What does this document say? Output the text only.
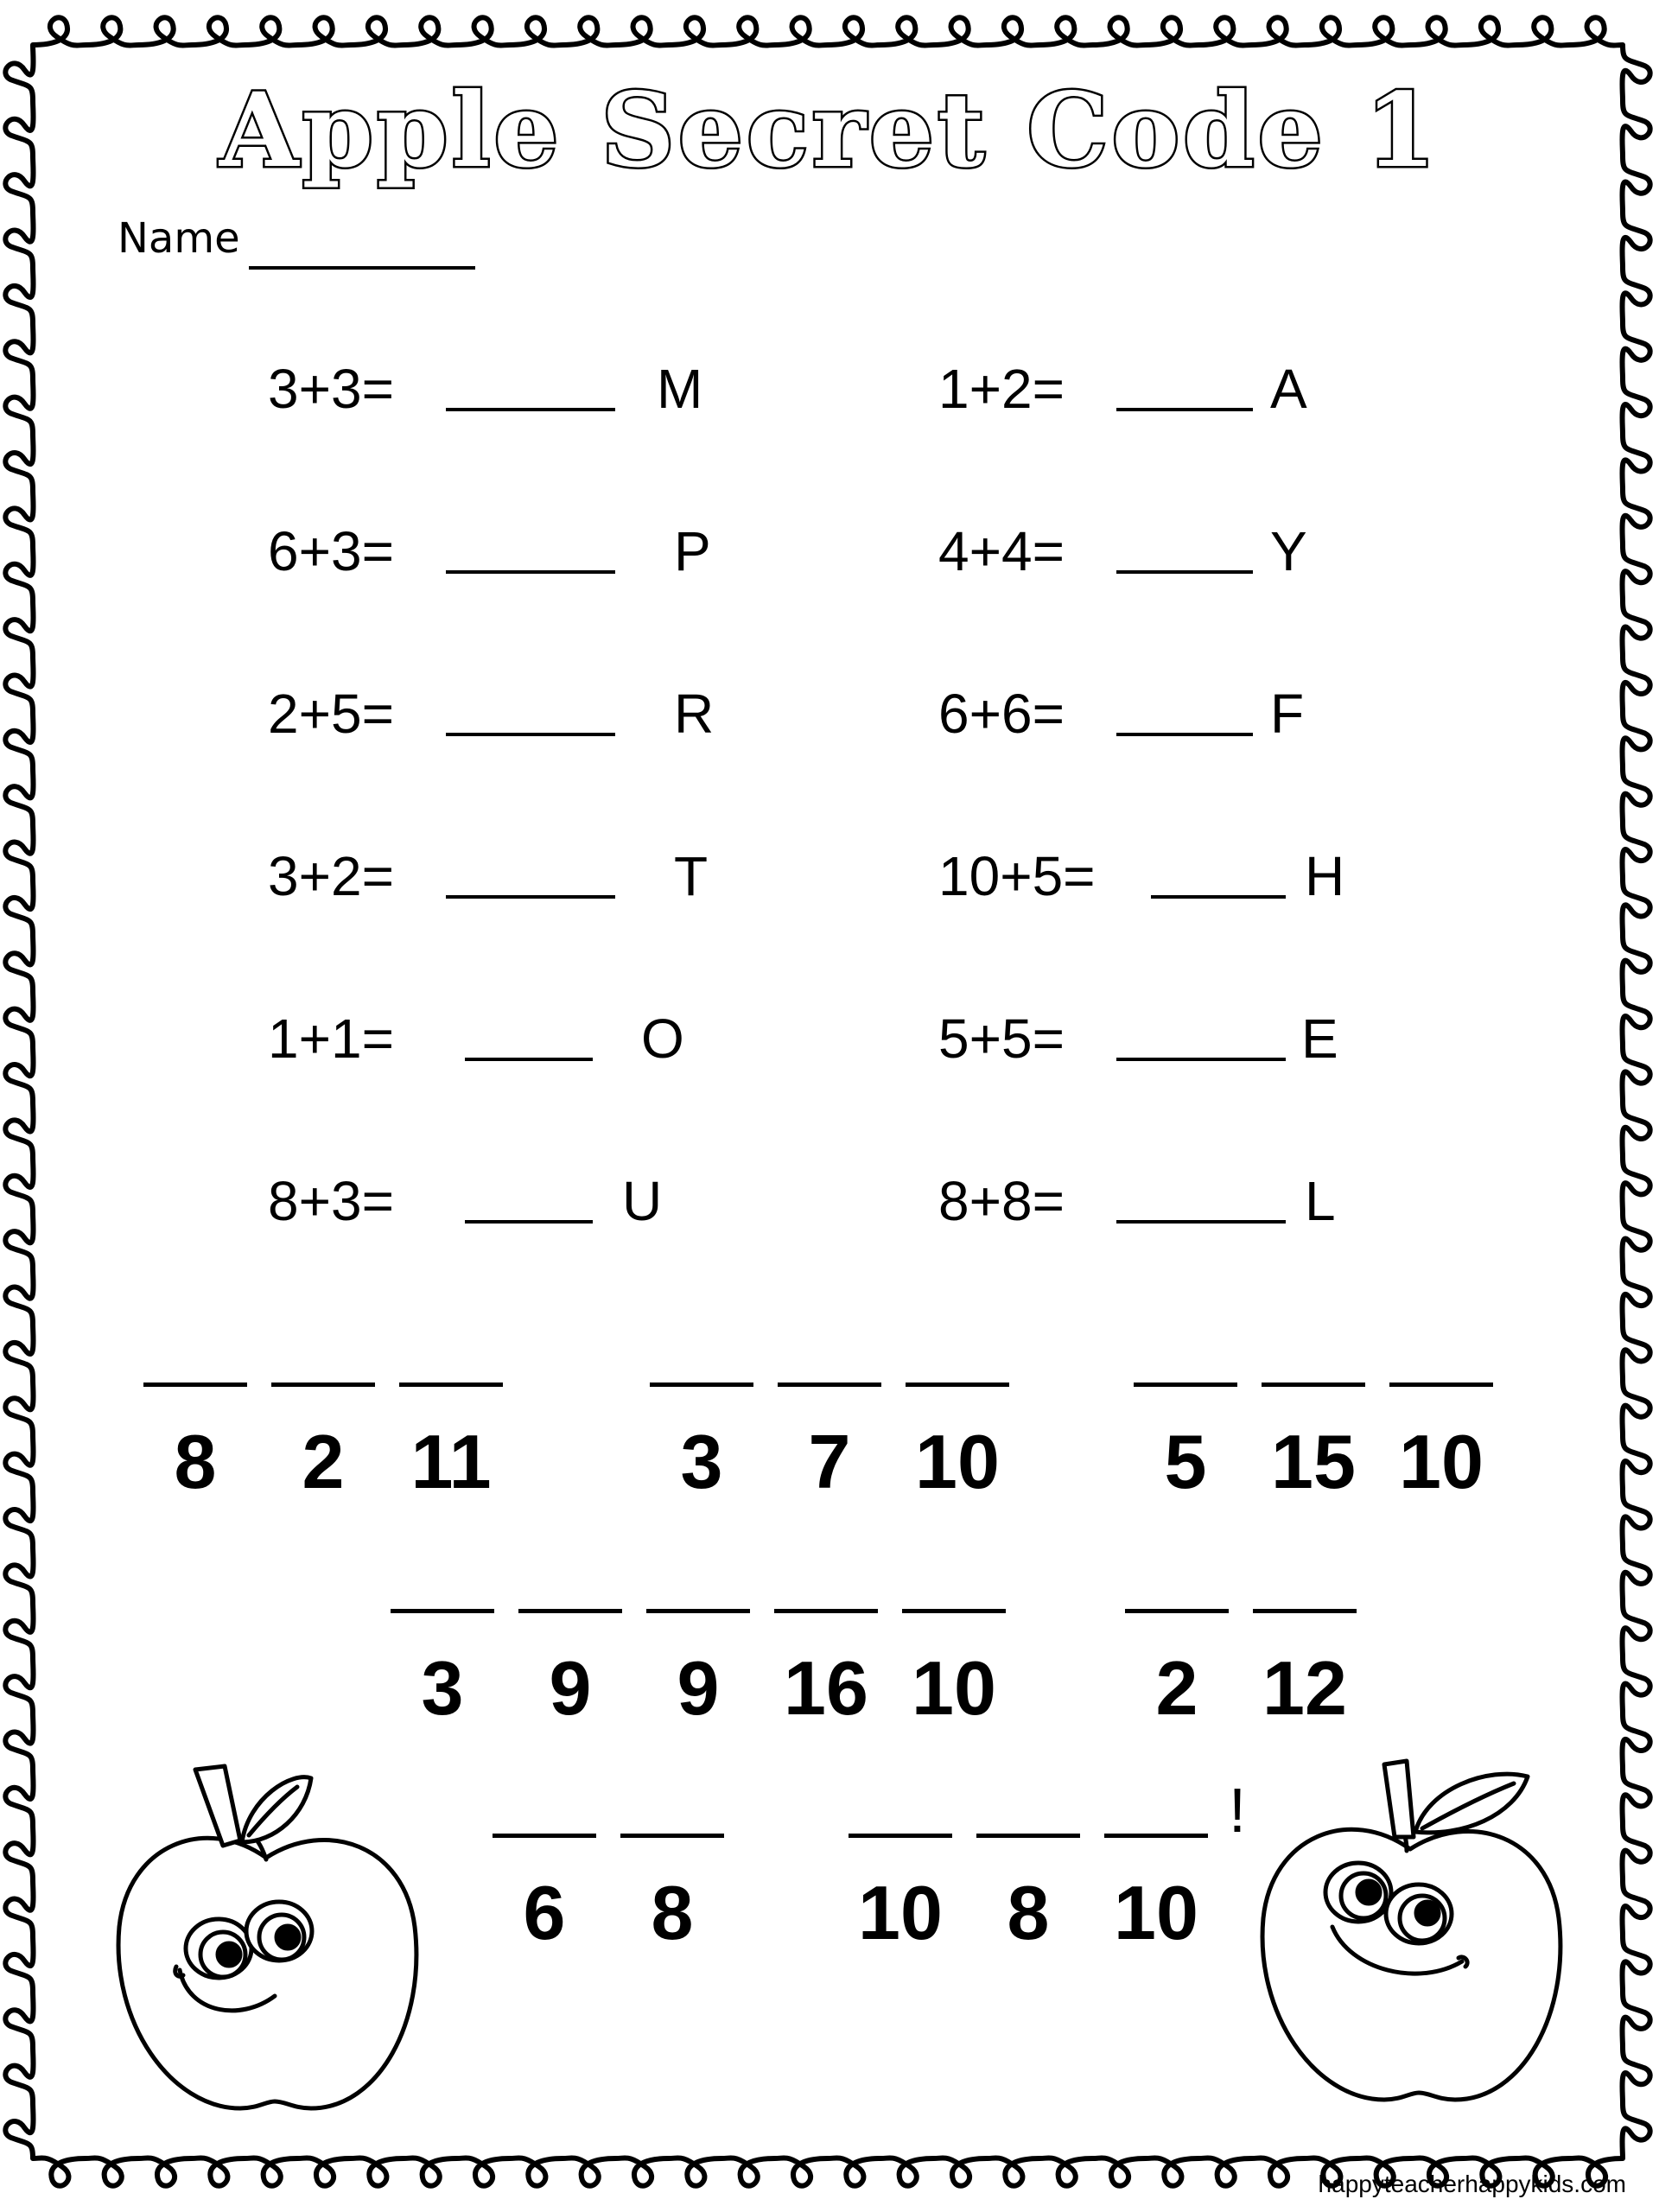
Apple Secret Code 1
Name
3+3=	M	1+2=	A
6+3=	P	4+4=	Y
2+5=	R	6+6=	F
3+2=	T	10+5=	H
1+1=	O	5+5=	E
8+3=	U	8+8=	L
8	2 11	3	7 10	5 15 10
3	9	9 16 10	2 12
6	8	10 8 10
!
happyteacherhappykids.com
